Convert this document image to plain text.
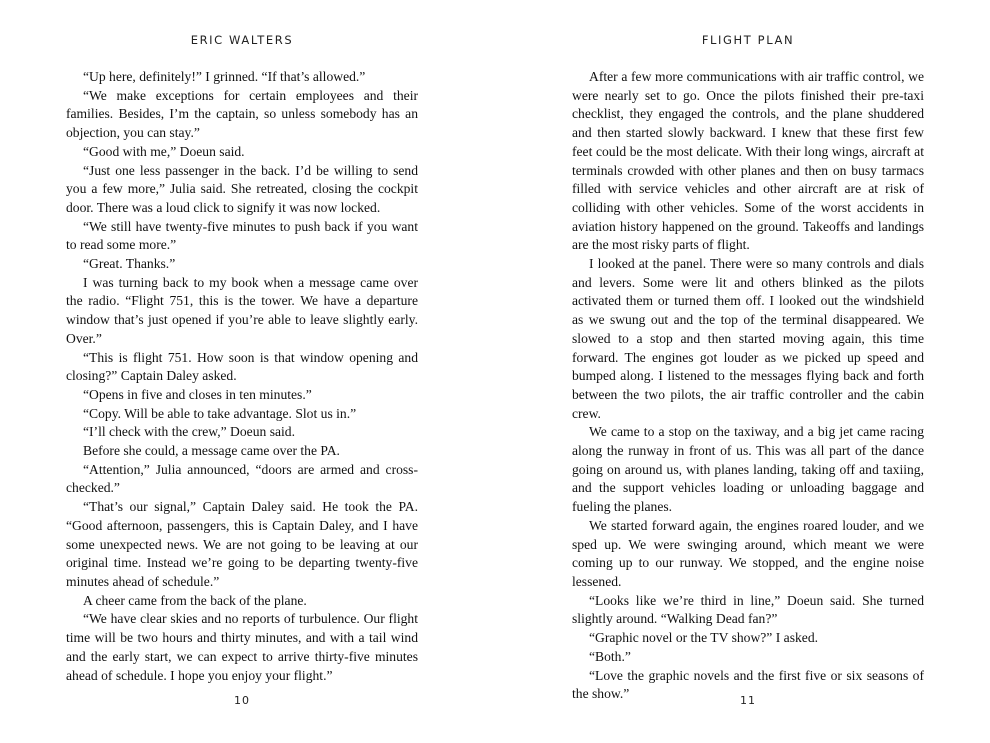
ERIC WALTERS

“Up here, definitely!” I grinned. “If that’s allowed.”

“We make exceptions for certain employees and their families. Besides, I’m the captain, so unless somebody has an objection, you can stay.”

“Good with me,” Doeun said.

“Just one less passenger in the back. I’d be willing to send you a few more,” Julia said. She retreated, closing the cockpit door. There was a loud click to signify it was now locked.

“We still have twenty-five minutes to push back if you want to read some more.”

“Great. Thanks.”

I was turning back to my book when a message came over the radio. “Flight 751, this is the tower. We have a departure window that’s just opened if you’re able to leave slightly early. Over.”

“This is flight 751. How soon is that window opening and closing?” Captain Daley asked.

“Opens in five and closes in ten minutes.”

“Copy. Will be able to take advantage. Slot us in.”

“I’ll check with the crew,” Doeun said.

Before she could, a message came over the PA.

“Attention,” Julia announced, “doors are armed and cross-checked.”

“That’s our signal,” Captain Daley said. He took the PA. “Good afternoon, passengers, this is Captain Daley, and I have some unexpected news. We are not going to be leaving at our original time. Instead we’re going to be departing twenty-five minutes ahead of schedule.”

A cheer came from the back of the plane.

“We have clear skies and no reports of turbulence. Our flight time will be two hours and thirty minutes, and with a tail wind and the early start, we can expect to arrive thirty-five minutes ahead of schedule. I hope you enjoy your flight.”

10
FLIGHT PLAN

After a few more communications with air traffic control, we were nearly set to go. Once the pilots finished their pre-taxi checklist, they engaged the controls, and the plane shuddered and then started slowly backward. I knew that these first few feet could be the most delicate. With their long wings, aircraft at terminals crowded with other planes and then on busy tarmacs filled with service vehicles and other aircraft are at risk of colliding with other vehicles. Some of the worst accidents in aviation history happened on the ground. Takeoffs and landings are the most risky parts of flight.

I looked at the panel. There were so many controls and dials and levers. Some were lit and others blinked as the pilots activated them or turned them off. I looked out the windshield as we swung out and the top of the terminal disappeared. We slowed to a stop and then started moving again, this time forward. The engines got louder as we picked up speed and bumped along. I listened to the messages flying back and forth between the two pilots, the air traffic controller and the cabin crew.

We came to a stop on the taxiway, and a big jet came racing along the runway in front of us. This was all part of the dance going on around us, with planes landing, taking off and taxiing, and the support vehicles loading or unloading baggage and fueling the planes.

We started forward again, the engines roared louder, and we sped up. We were swinging around, which meant we were coming up to our runway. We stopped, and the engine noise lessened.

“Looks like we’re third in line,” Doeun said. She turned slightly around. “Walking Dead fan?”

“Graphic novel or the TV show?” I asked.

“Both.”

“Love the graphic novels and the first five or six seasons of the show.”	11
